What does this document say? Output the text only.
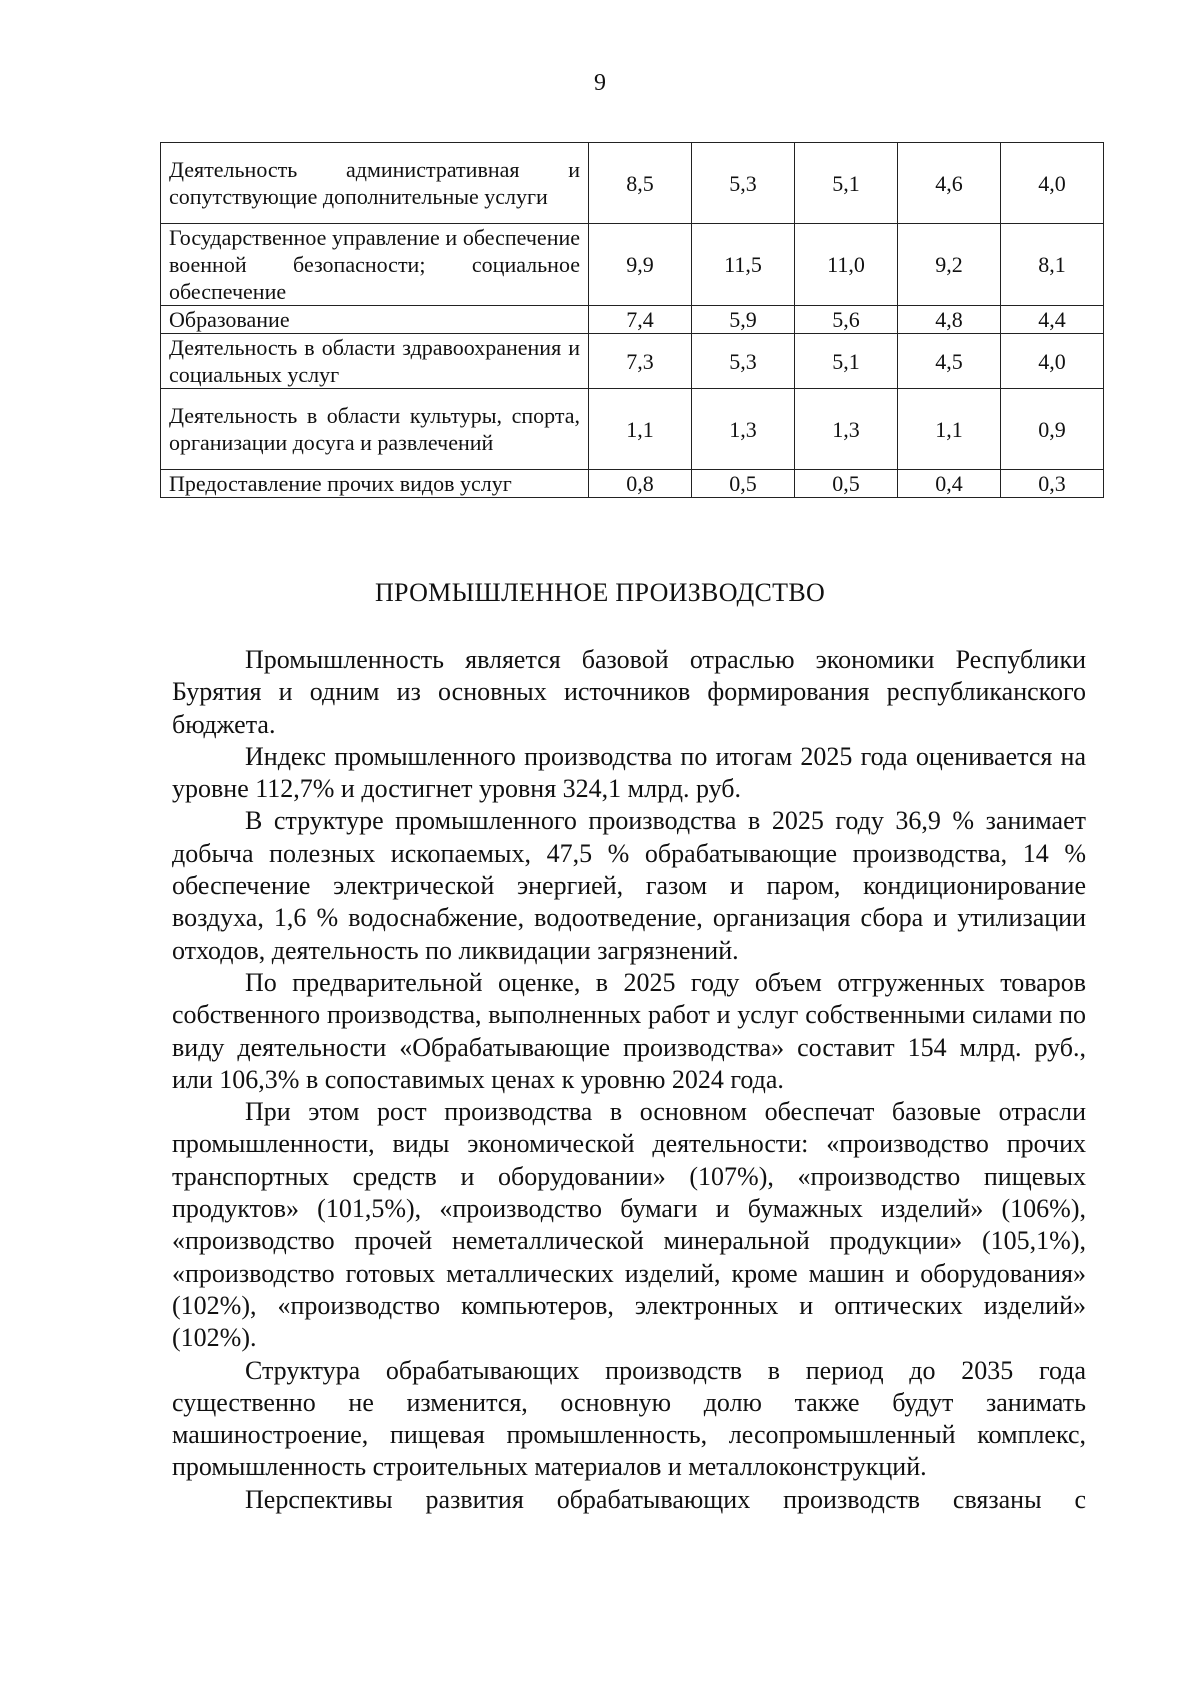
9
Деятельность административная и сопутствующие дополнительные услуги	8,5	5,3	5,1	4,6	4,0
Государственное управление и обеспечение военной безопасности; социальное обеспечение	9,9	11,5	11,0	9,2	8,1
Образование	7,4	5,9	5,6	4,8	4,4
Деятельность в области здравоохранения и социальных услуг	7,3	5,3	5,1	4,5	4,0
Деятельность в области культуры, спорта, организации досуга и развлечений	1,1	1,3	1,3	1,1	0,9
Предоставление прочих видов услуг	0,8	0,5	0,5	0,4	0,3
ПРОМЫШЛЕННОЕ ПРОИЗВОДСТВО

Промышленность является базовой отраслью экономики Республики Бурятия и одним из основных источников формирования республиканского бюджета.

Индекс промышленного производства по итогам 2025 года оценивается на уровне 112,7% и достигнет уровня 324,1 млрд. руб.

В структуре промышленного производства в 2025 году 36,9 % занимает добыча полезных ископаемых, 47,5 % обрабатывающие производства, 14 % обеспечение электрической энергией, газом и паром, кондиционирование воздуха, 1,6 % водоснабжение, водоотведение, организация сбора и утилизации отходов, деятельность по ликвидации загрязнений.

По предварительной оценке, в 2025 году объем отгруженных товаров собственного производства, выполненных работ и услуг собственными силами по виду деятельности «Обрабатывающие производства» составит 154 млрд. руб., или 106,3% в сопоставимых ценах к уровню 2024 года.

При этом рост производства в основном обеспечат базовые отрасли промышленности, виды экономической деятельности: «производство прочих транспортных средств и оборудовании» (107%), «производство пищевых продуктов» (101,5%), «производство бумаги и бумажных изделий» (106%), «производство прочей неметаллической минеральной продукции» (105,1%), «производство готовых металлических изделий, кроме машин и оборудования» (102%), «производство компьютеров, электронных и оптических изделий» (102%).

Структура обрабатывающих производств в период до 2035 года существенно не изменится, основную долю также будут занимать машиностроение, пищевая промышленность, лесопромышленный комплекс, промышленность строительных материалов и металлоконструкций.

Перспективы развития обрабатывающих производств связаны с
